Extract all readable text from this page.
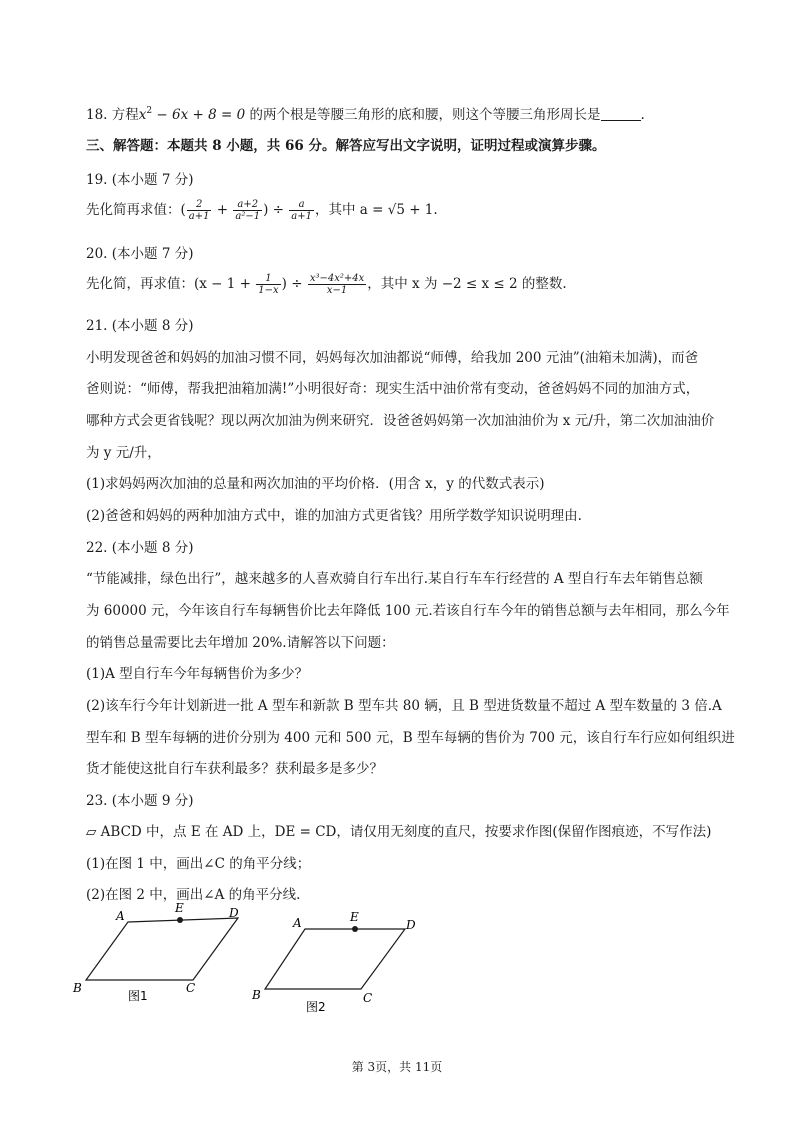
18. 方程$x^2 - 6x + 8 = 0$ 的两个根是等腰三角形的底和腰，则这个等腰三角形周长是	.
三、解答题：本题共 8 小题，共 66 分。解答应写出文字说明，证明过程或演算步骤。
19. (本小题 7 分)
先化简再求值：( $\frac{2}{a+1} + \frac{a+2}{\text{a²−1}}$ ) ÷ $\frac{a}{a+1}$ ，其中 a = √5 + 1.
20. (本小题 7 分)
先化简，再求值：($x - 1 + \frac{1}{1-x}$ ) ÷ $\frac{\text{x³−4x²+4x}}{x-1}$ ，其中 x 为 −2 ≤ x ≤ 2 的整数.
21. (本小题 8 分)
小明发现爸爸和妈妈的加油习惯不同，妈妈每次加油都说“师傅，给我加 200 元油”(油箱未加满)，而爸
爸则说：“师傅，帮我把油箱加满!”小明很好奇：现实生活中油价常有变动，爸爸妈妈不同的加油方式，
哪种方式会更省钱呢？现以两次加油为例来研究．设爸爸妈妈第一次加油油价为 x 元/升，第二次加油油价
为 y 元/升，
(1)求妈妈两次加油的总量和两次加油的平均价格．(用含 x，y 的代数式表示)
(2)爸爸和妈妈的两种加油方式中，谁的加油方式更省钱？用所学数学知识说明理由.
22. (本小题 8 分)
“节能减排，绿色出行”，越来越多的人喜欢骑自行车出行.某自行车车行经营的 A 型自行车去年销售总额
为 60000 元，今年该自行车每辆售价比去年降低 100 元.若该自行车今年的销售总额与去年相同，那么今年
的销售总量需要比去年增加 20%.请解答以下问题：
(1)A 型自行车今年每辆售价为多少？
(2)该车行今年计划新进一批 A 型车和新款 B 型车共 80 辆，且 B 型进货数量不超过 A 型车数量的 3 倍.A
型车和 B 型车每辆的进价分别为 400 元和 500 元，B 型车每辆的售价为 700 元，该自行车行应如何组织进
货才能使这批自行车获利最多？获利最多是多少？
23. (本小题 9 分)
▱ ABCD 中，点 E 在 AD 上，DE = CD，请仅用无刻度的直尺，按要求作图(保留作图痕迹，不写作法)
(1)在图 1 中，画出∠C 的角平分线；
(2)在图 2 中，画出∠A 的角平分线.
A
E	D
B	C
图1
A	E
D
B	C
图2
第 3页，共 11页
